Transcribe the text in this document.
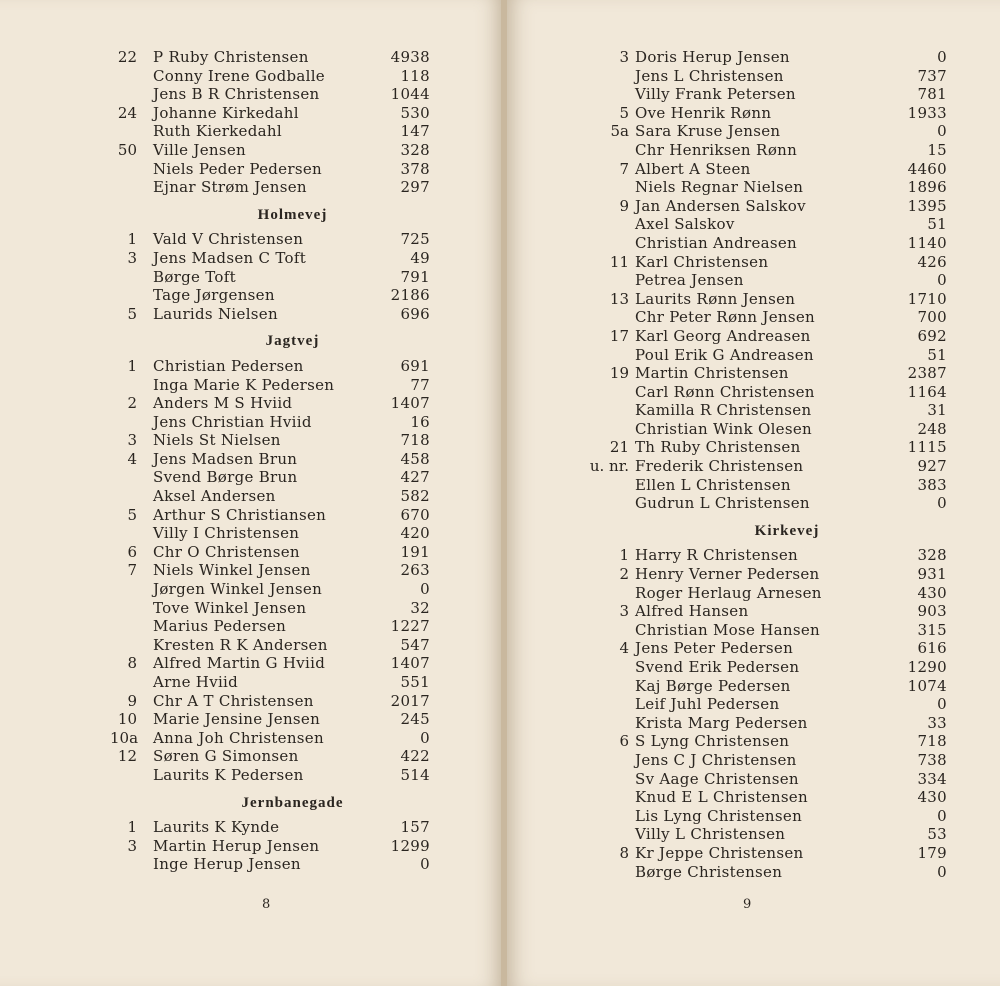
22 P Ruby Christensen	4938
Conny Irene Godballe	118
Jens B R Christensen	1044
24 Johanne Kirkedahl	530
Ruth Kierkedahl	147
50 Ville Jensen	328
Niels Peder Pedersen	378
Ejnar Strøm Jensen	297
Holmevej
1 Vald V Christensen	725
3 Jens Madsen C Toft	49
Børge Toft	791
Tage Jørgensen	2186
5 Laurids Nielsen	696
Jagtvej
1 Christian Pedersen	691
Inga Marie K Pedersen	77
2 Anders M S Hviid	1407
Jens Christian Hviid	16
3 Niels St Nielsen	718
4 Jens Madsen Brun	458
Svend Børge Brun	427
Aksel Andersen	582
5 Arthur S Christiansen	670
Villy I Christensen	420
6 Chr O Christensen	191
7 Niels Winkel Jensen	263
Jørgen Winkel Jensen	0
Tove Winkel Jensen	32
Marius Pedersen	1227
Kresten R K Andersen	547
8 Alfred Martin G Hviid	1407
Arne Hviid	551
9 Chr A T Christensen	2017
10 Marie Jensine Jensen	245
10a Anna Joh Christensen	0
12 Søren G Simonsen	422
Laurits K Pedersen	514
Jernbanegade
1 Laurits K Kynde	157
3 Martin Herup Jensen	1299
Inge Herup Jensen	0
8
3 Doris Herup Jensen	0
Jens L Christensen	737
Villy Frank Petersen	781
5 Ove Henrik Rønn	1933
5a Sara Kruse Jensen	0
Chr Henriksen Rønn	15
7 Albert A Steen	4460
Niels Regnar Nielsen	1896
9 Jan Andersen Salskov	1395
Axel Salskov	51
Christian Andreasen	1140
11 Karl Christensen	426
Petrea Jensen	0
13 Laurits Rønn Jensen	1710
Chr Peter Rønn Jensen	700
17 Karl Georg Andreasen	692
Poul Erik G Andreasen	51
19 Martin Christensen	2387
Carl Rønn Christensen	1164
Kamilla R Christensen	31
Christian Wink Olesen	248
21 Th Ruby Christensen	1115
u. nr. Frederik Christensen	927
Ellen L Christensen	383
Gudrun L Christensen	0
Kirkevej
1 Harry R Christensen	328
2 Henry Verner Pedersen	931
Roger Herlaug Arnesen	430
3 Alfred Hansen	903
Christian Mose Hansen	315
4 Jens Peter Pedersen	616
Svend Erik Pedersen	1290
Kaj Børge Pedersen	1074
Leif Juhl Pedersen	0
Krista Marg Pedersen	33
6 S Lyng Christensen	718
Jens C J Christensen	738
Sv Aage Christensen	334
Knud E L Christensen	430
Lis Lyng Christensen	0
Villy L Christensen	53
8 Kr Jeppe Christensen	179
Børge Christensen	0
9
